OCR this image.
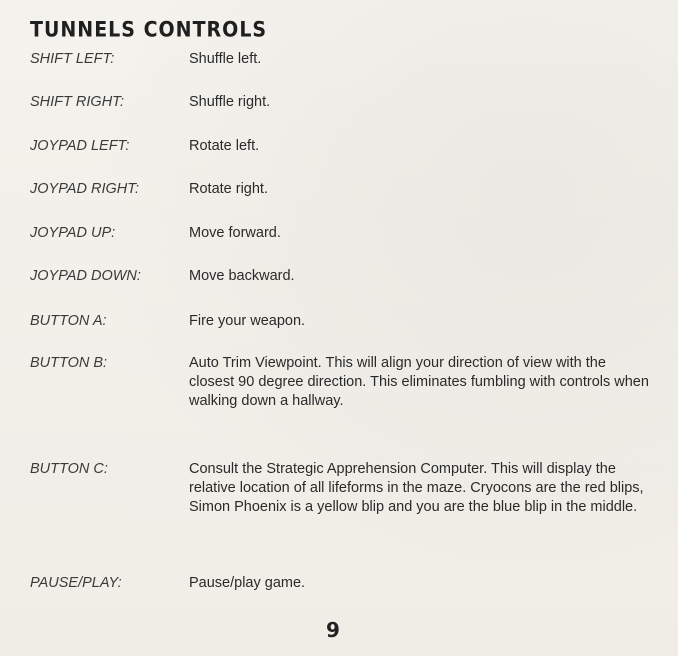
TUNNELS CONTROLS
SHIFT LEFT:	Shuffle left.
SHIFT RIGHT:	Shuffle right.
JOYPAD LEFT:	Rotate left.
JOYPAD RIGHT:	Rotate right.
JOYPAD UP:	Move forward.
JOYPAD DOWN:	Move backward.
BUTTON A:	Fire your weapon.
BUTTON B:	Auto Trim Viewpoint. This will align your direction of view with the closest 90 degree direction. This eliminates fumbling with controls when walking down a hallway.
BUTTON C:	Consult the Strategic Apprehension Computer. This will display the relative location of all lifeforms in the maze. Cryocons are the red blips, Simon Phoenix is a yellow blip and you are the blue blip in the middle.
PAUSE/PLAY:	Pause/play game.
9
